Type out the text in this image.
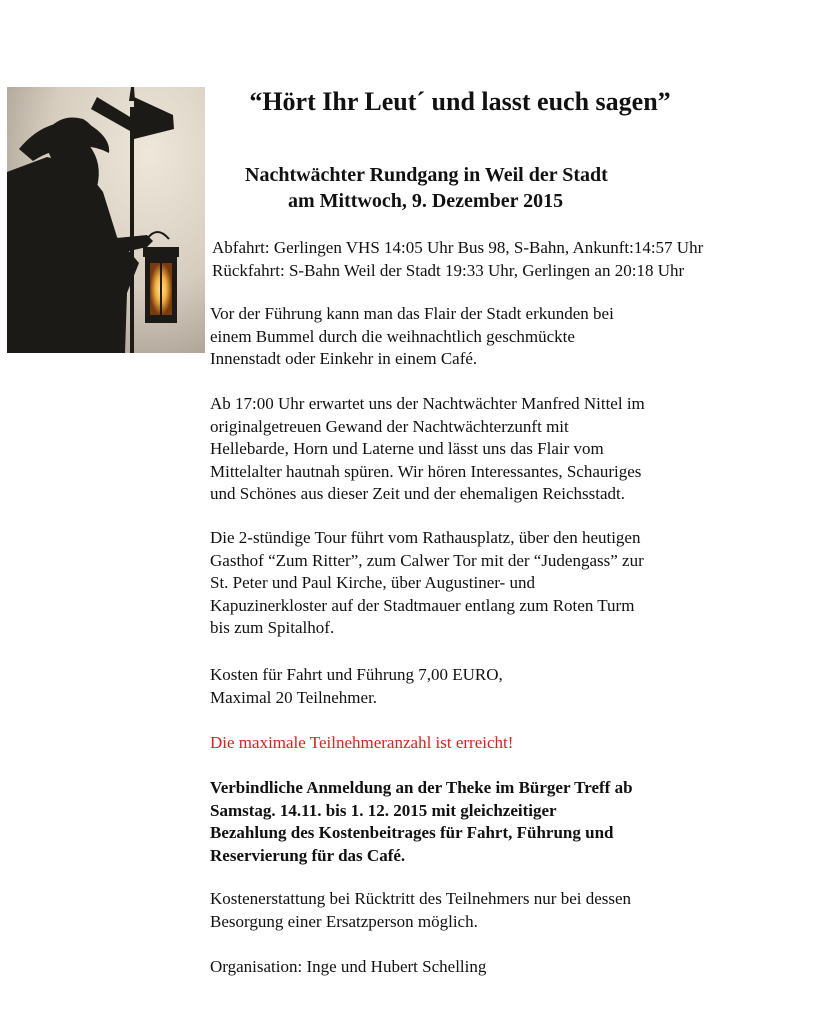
“Hört Ihr Leut´ und lasst euch sagen”
Nachtwächter Rundgang in Weil der Stadt
am Mittwoch, 9. Dezember 2015

Abfahrt: Gerlingen VHS 14:05 Uhr Bus 98, S-Bahn, Ankunft:14:57 Uhr
Rückfahrt: S-Bahn Weil der Stadt 19:33 Uhr, Gerlingen an 20:18 Uhr

Vor der Führung kann man das Flair der Stadt erkunden bei
einem Bummel durch die weihnachtlich geschmückte
Innenstadt oder Einkehr in einem Café.

Ab 17:00 Uhr erwartet uns der Nachtwächter Manfred Nittel im
originalgetreuen Gewand der Nachtwächterzunft mit
Hellebarde, Horn und Laterne und lässt uns das Flair vom
Mittelalter hautnah spüren. Wir hören Interessantes, Schauriges
und Schönes aus dieser Zeit und der ehemaligen Reichsstadt.

Die 2-stündige Tour führt vom Rathausplatz, über den heutigen
Gasthof “Zum Ritter”, zum Calwer Tor mit der “Judengass” zur
St. Peter und Paul Kirche, über Augustiner- und
Kapuzinerkloster auf der Stadtmauer entlang zum Roten Turm
bis zum Spitalhof.

Kosten für Fahrt und Führung 7,00 EURO,
Maximal 20 Teilnehmer.

Die maximale Teilnehmeranzahl ist erreicht!

Verbindliche Anmeldung an der Theke im Bürger Treff ab
Samstag. 14.11. bis 1. 12. 2015 mit gleichzeitiger
Bezahlung des Kostenbeitrages für Fahrt, Führung und
Reservierung für das Café.

Kostenerstattung bei Rücktritt des Teilnehmers nur bei dessen
Besorgung einer Ersatzperson möglich.

Organisation: Inge und Hubert Schelling
